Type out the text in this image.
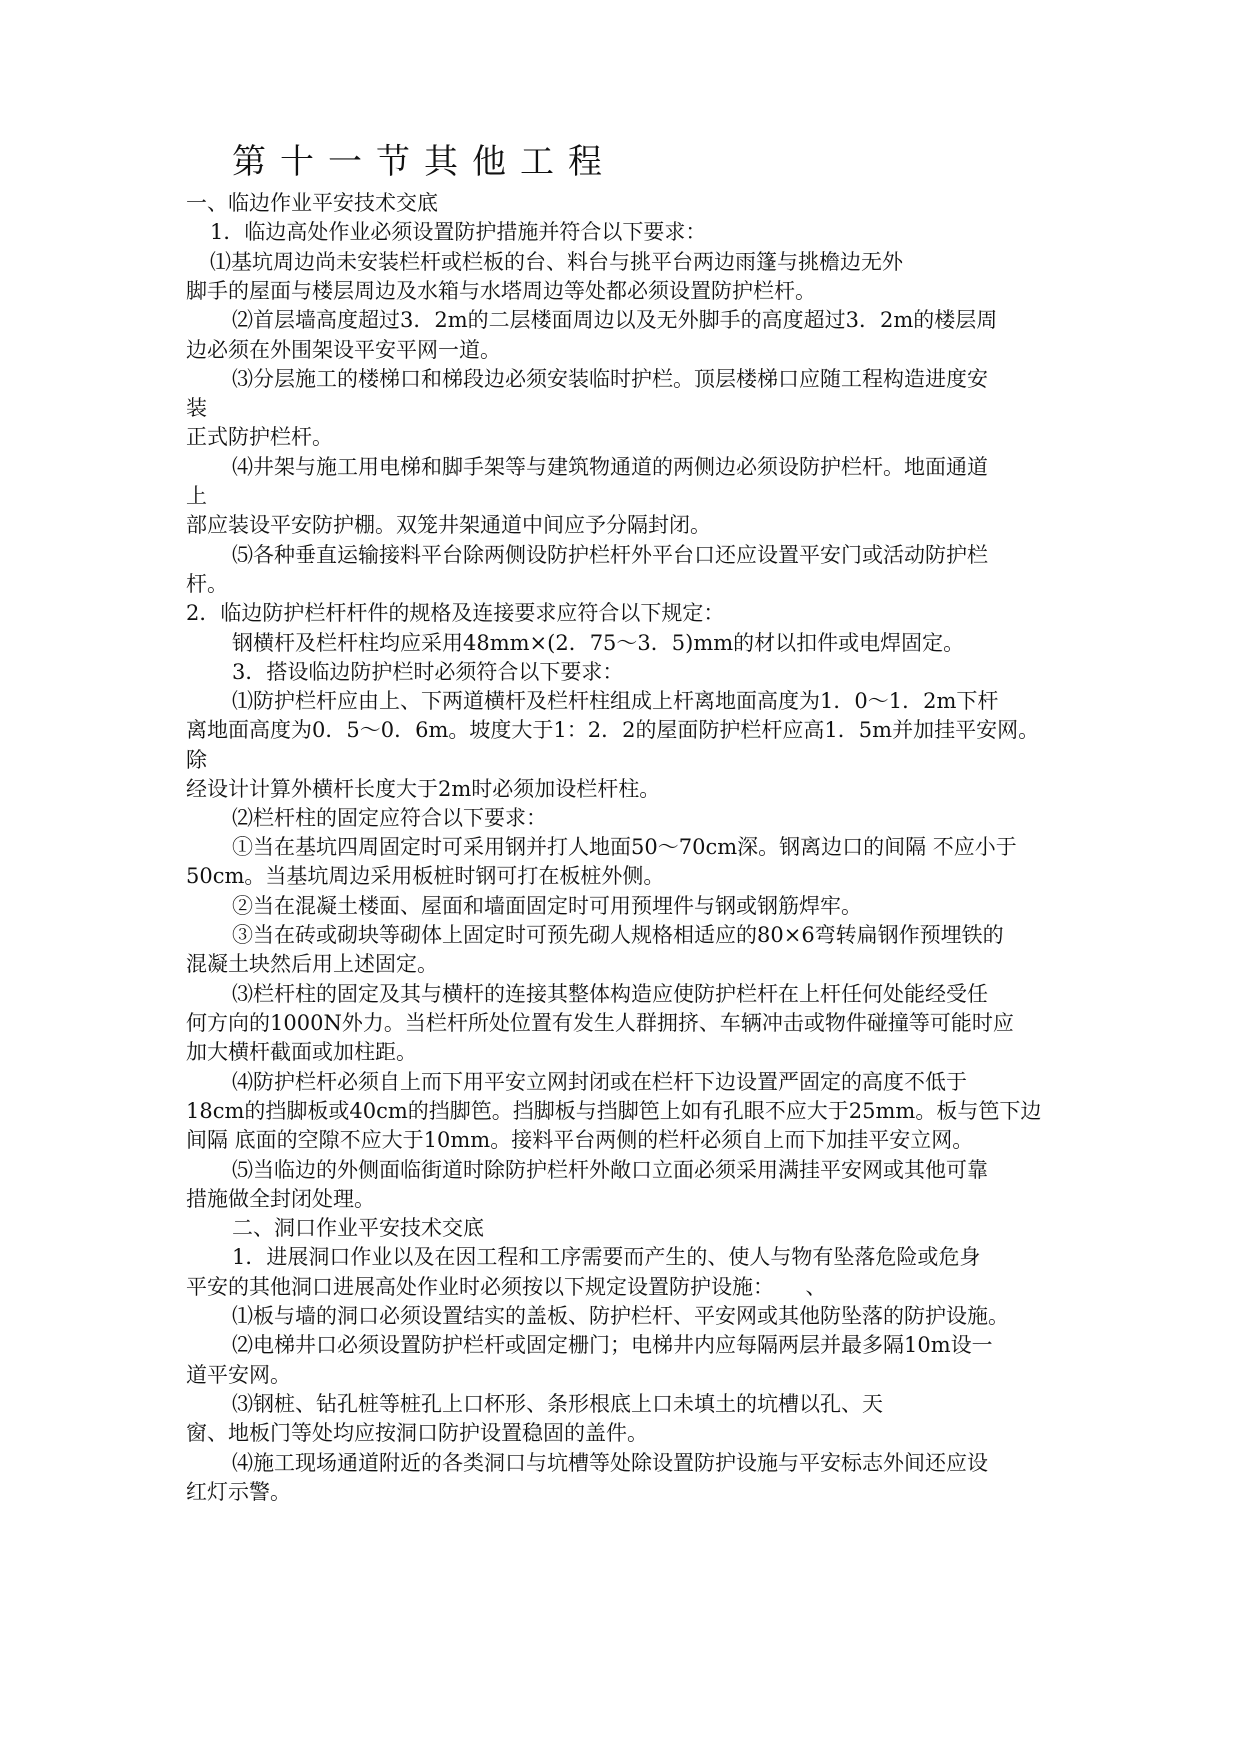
第十一节其他工程
一、临边作业平安技术交底
1．临边高处作业必须设置防护措施并符合以下要求：
⑴基坑周边尚未安装栏杆或栏板的台、料台与挑平台两边雨篷与挑檐边无外
脚手的屋面与楼层周边及水箱与水塔周边等处都必须设置防护栏杆。
⑵首层墙高度超过3．2m的二层楼面周边以及无外脚手的高度超过3．2m的楼层周
边必须在外围架设平安平网一道。
⑶分层施工的楼梯口和梯段边必须安装临时护栏。顶层楼梯口应随工程构造进度安
装
正式防护栏杆。
⑷井架与施工用电梯和脚手架等与建筑物通道的两侧边必须设防护栏杆。地面通道
上
部应装设平安防护棚。双笼井架通道中间应予分隔封闭。
⑸各种垂直运输接料平台除两侧设防护栏杆外平台口还应设置平安门或活动防护栏
杆。
2．临边防护栏杆杆件的规格及连接要求应符合以下规定：
钢横杆及栏杆柱均应采用48mm×(2．75～3．5)mm的材以扣件或电焊固定。
3．搭设临边防护栏时必须符合以下要求：
⑴防护栏杆应由上、下两道横杆及栏杆柱组成上杆离地面高度为1．0～1．2m下杆
离地面高度为0．5～0．6m。坡度大于1：2．2的屋面防护栏杆应高1．5m并加挂平安网。
除
经设计计算外横杆长度大于2m时必须加设栏杆柱。
⑵栏杆柱的固定应符合以下要求：
①当在基坑四周固定时可采用钢并打人地面50～70cm深。钢离边口的间隔 不应小于
50cm。当基坑周边采用板桩时钢可打在板桩外侧。
②当在混凝土楼面、屋面和墙面固定时可用预埋件与钢或钢筋焊牢。
③当在砖或砌块等砌体上固定时可预先砌人规格相适应的80×6弯转扁钢作预埋铁的
混凝土块然后用上述固定。
⑶栏杆柱的固定及其与横杆的连接其整体构造应使防护栏杆在上杆任何处能经受任
何方向的1000N外力。当栏杆所处位置有发生人群拥挤、车辆冲击或物件碰撞等可能时应
加大横杆截面或加柱距。
⑷防护栏杆必须自上而下用平安立网封闭或在栏杆下边设置严固定的高度不低于
18cm的挡脚板或40cm的挡脚笆。挡脚板与挡脚笆上如有孔眼不应大于25mm。板与笆下边
间隔 底面的空隙不应大于10mm。接料平台两侧的栏杆必须自上而下加挂平安立网。
⑸当临边的外侧面临街道时除防护栏杆外敞口立面必须采用满挂平安网或其他可靠
措施做全封闭处理。
二、洞口作业平安技术交底
1．进展洞口作业以及在因工程和工序需要而产生的、使人与物有坠落危险或危身
平安的其他洞口进展高处作业时必须按以下规定设置防护设施：　　、
⑴板与墙的洞口必须设置结实的盖板、防护栏杆、平安网或其他防坠落的防护设施。
⑵电梯井口必须设置防护栏杆或固定栅门；电梯井内应每隔两层并最多隔10m设一
道平安网。
⑶钢桩、钻孔桩等桩孔上口杯形、条形根底上口未填土的坑槽以孔、天
窗、地板门等处均应按洞口防护设置稳固的盖件。
⑷施工现场通道附近的各类洞口与坑槽等处除设置防护设施与平安标志外间还应设
红灯示警。
